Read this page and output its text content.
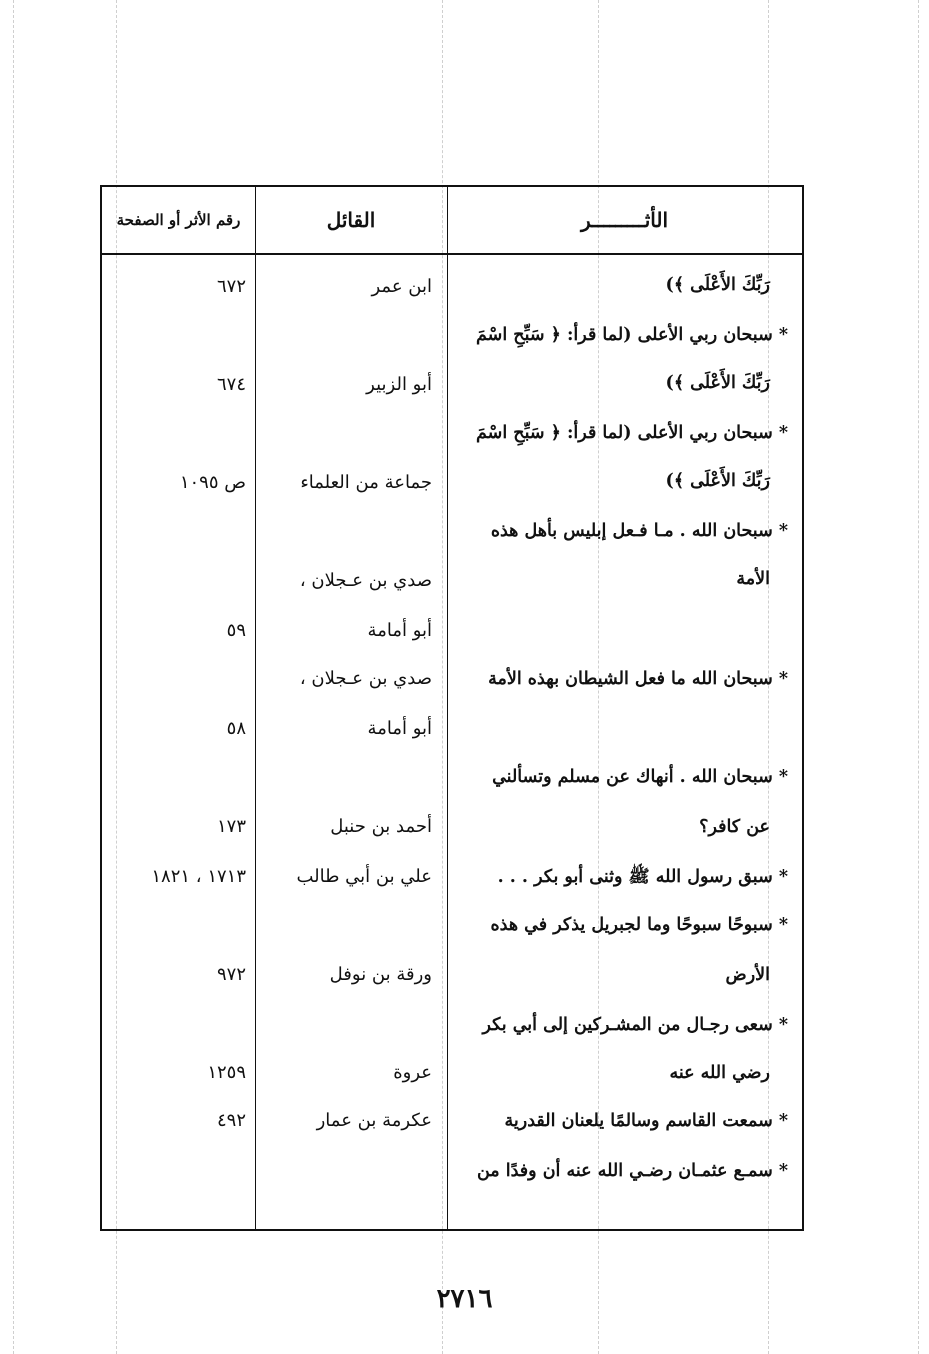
الأثـــــــــر
القائل
رقم الأثر أو الصفحة
رَبِّكَ الأَعْلَى ﴾)
* سبحان ربي الأعلى (لما قرأ: ﴿ سَبِّحِ اسْمَ
رَبِّكَ الأَعْلَى ﴾)
* سبحان ربي الأعلى (لما قرأ: ﴿ سَبِّحِ اسْمَ
رَبِّكَ الأَعْلَى ﴾)
* سبحان الله . مـا فـعل إبليس بأهل هذه
الأمة
* سبحان الله ما فعل الشيطان بهذه الأمة
* سبحان الله . أنهاك عن مسلم وتسألني
عن كافر؟
* سبق رسول الله ﷺ وثنى أبو بكر . . .
* سبوحًا سبوحًا وما لجبريل يذكر في هذه
الأرض
* سعى رجـال من المشـركين إلى أبي بكر
رضي الله عنه
* سمعت القاسم وسالمًا يلعنان القدرية
* سمـع عثمـان رضـي الله عنه أن وفدًا من
ابن عمر
أبو الزبير
جماعة من العلماء
صدي بن عـجلان ،
أبو أمامة
صدي بن عـجلان ،
أبو أمامة
أحمد بن حنبل
علي بن أبي طالب
ورقة بن نوفل
عروة
عكرمة بن عمار
٦٧٢
٦٧٤
ص ١٠٩٥
٥٩
٥٨
١٧٣
١٧١٣ ، ١٨٢١
٩٧٢
١٢٥٩
٤٩٢
٢٧١٦
